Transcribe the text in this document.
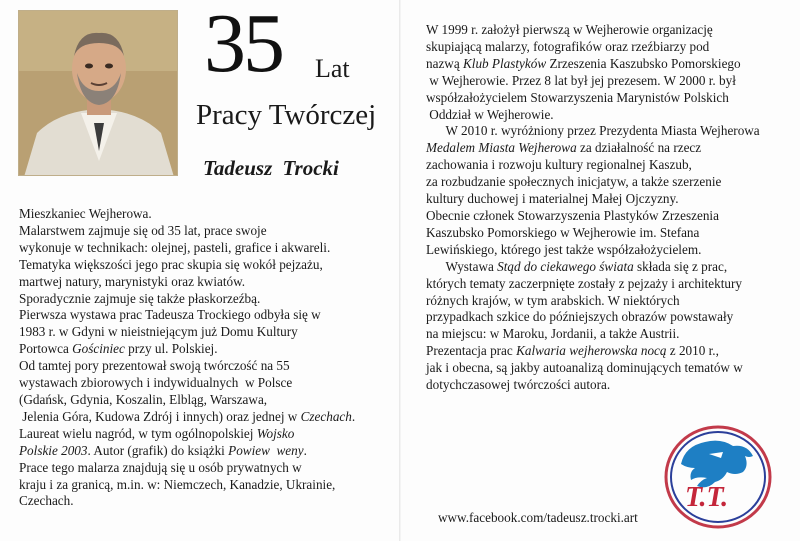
35 Lat
Pracy Twórczej
Tadeusz Trocki
Mieszkaniec Wejherowa.
Malarstwem zajmuje się od 35 lat, prace swoje
wykonuje w technikach: olejnej, pasteli, grafice i akwareli.
Tematyka większości jego prac skupia się wokół pejzażu,
martwej natury, marynistyki oraz kwiatów.
Sporadycznie zajmuje się także płaskorzeźbą.
Pierwsza wystawa prac Tadeusza Trockiego odbyła się w
1983 r. w Gdyni w nieistniejącym już Domu Kultury
Portowca Gościniec przy ul. Polskiej.
Od tamtej pory prezentował swoją twórczość na 55
wystawach zbiorowych i indywidualnych  w Polsce
(Gdańsk, Gdynia, Koszalin, Elbląg, Warszawa,
Jelenia Góra, Kudowa Zdrój i innych) oraz jednej w Czechach.
Laureat wielu nagród, w tym ogólnopolskiej Wojsko
Polskie 2003. Autor (grafik) do książki Powiew  weny.
Prace tego malarza znajdują się u osób prywatnych w
kraju i za granicą, m.in. w: Niemczech, Kanadzie, Ukrainie,
Czechach.
W 1999 r. założył pierwszą w Wejherowie organizację
skupiającą malarzy, fotografików oraz rzeźbiarzy pod
nazwą Klub Plastyków Zrzeszenia Kaszubsko Pomorskiego
w Wejherowie. Przez 8 lat był jej prezesem. W 2000 r. był
współzałożycielem Stowarzyszenia Marynistów Polskich
Oddział w Wejherowie.
W 2010 r. wyróżniony przez Prezydenta Miasta Wejherowa
Medalem Miasta Wejherowa za działalność na rzecz
zachowania i rozwoju kultury regionalnej Kaszub,
za rozbudzanie społecznych inicjatyw, a także szerzenie
kultury duchowej i materialnej Małej Ojczyzny.
Obecnie członek Stowarzyszenia Plastyków Zrzeszenia
Kaszubsko Pomorskiego w Wejherowie im. Stefana
Lewińskiego, którego jest także współzałożycielem.
Wystawa Stąd do ciekawego świata składa się z prac,
których tematy zaczerpnięte zostały z pejzaży i architektury
różnych krajów, w tym arabskich. W niektórych
przypadkach szkice do późniejszych obrazów powstawały
na miejscu: w Maroku, Jordanii, a także Austrii.
Prezentacja prac Kalwaria wejherowska nocą z 2010 r.,
jak i obecna, są jakby autoanalizą dominujących tematów w
dotychczasowej twórczości autora.
www.facebook.com/tadeusz.trocki.art
T.T.
